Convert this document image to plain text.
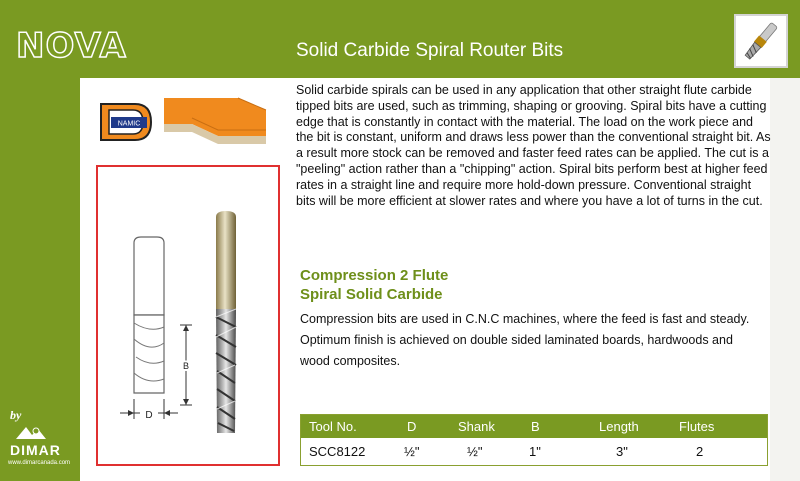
NOVA	Solid Carbide Spiral Router Bits
by
DIMAR
www.dimarcanada.com
NAMIC
B
D

Solid carbide spirals can be used in any application that other straight flute carbide tipped bits are used, such as trimming, shaping or grooving. Spiral bits have a cutting edge that is constantly in contact with the material. The load on the work piece and the bit is constant, uniform and draws less power than the conventional straight bit. As a result more stock can be removed and faster feed rates can be applied. The cut is a "peeling" action rather than a "chipping" action. Spiral bits perform best at higher feed rates in a straight line and require more hold-down pressure. Conventional straight bits will be more efficient at slower rates and where you have a lot of turns in the cut.

Compression 2 Flute
Spiral Solid Carbide

Compression bits are used in C.N.C machines, where the feed is fast and steady. Optimum finish is achieved on double sided laminated boards, hardwoods and wood composites.

Tool No.	D	Shank	B	Length	Flutes
SCC8122	½"	½"	1"	3"	2
